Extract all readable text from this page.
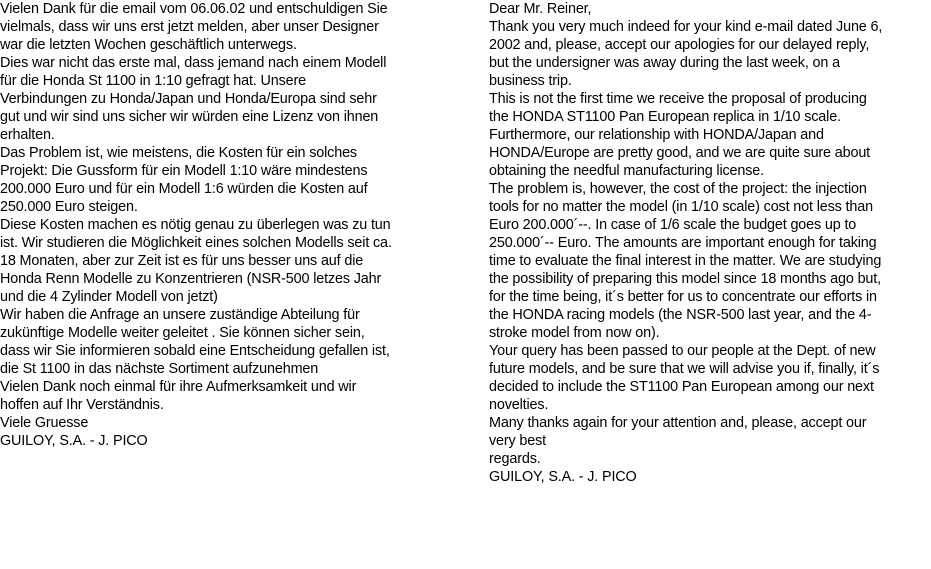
Vielen Dank für die email vom 06.06.02 und entschuldigen Sie
vielmals, dass wir uns erst jetzt melden, aber unser Designer
war die letzten Wochen geschäftlich unterwegs.
Dies war nicht das erste mal, dass jemand nach einem Modell
für die Honda St 1100 in 1:10 gefragt hat. Unsere
Verbindungen zu Honda/Japan und Honda/Europa sind sehr
gut und wir sind uns sicher wir würden eine Lizenz von ihnen
erhalten.
Das Problem ist, wie meistens, die Kosten für ein solches
Projekt: Die Gussform für ein Modell 1:10 wäre mindestens
200.000 Euro und für ein Modell 1:6 würden die Kosten auf
250.000 Euro steigen.
Diese Kosten machen es nötig genau zu überlegen was zu tun
ist. Wir studieren die Möglichkeit eines solchen Modells seit ca.
18 Monaten, aber zur Zeit ist es für uns besser uns auf die
Honda Renn Modelle zu Konzentrieren (NSR-500 letzes Jahr
und die 4 Zylinder Modell von jetzt)
Wir haben die Anfrage an unsere zuständige Abteilung für
zukünftige Modelle weiter geleitet . Sie können sicher sein,
dass wir Sie informieren sobald eine Entscheidung gefallen ist,
die St 1100 in das nächste Sortiment aufzunehmen
Vielen Dank noch einmal für ihre Aufmerksamkeit und wir
hoffen auf Ihr Verständnis.
Viele Gruesse
GUILOY, S.A. - J. PICO
Dear Mr. Reiner,
Thank you very much indeed for your kind e-mail dated June 6,
2002 and, please, accept our apologies for our delayed reply,
but the undersigner was away during the last week, on a
business trip.
This is not the first time we receive the proposal of producing
the HONDA ST1100 Pan European replica in 1/10 scale.
Furthermore, our relationship with HONDA/Japan and
HONDA/Europe are pretty good, and we are quite sure about
obtaining the needful manufacturing license.
The problem is, however, the cost of the project: the injection
tools for no matter the model (in 1/10 scale) cost not less than
Euro 200.000´--. In case of 1/6 scale the budget goes up to
250.000´-- Euro. The amounts are important enough for taking
time to evaluate the final interest in the matter. We are studying
the possibility of preparing this model since 18 months ago but,
for the time being, it´s better for us to concentrate our efforts in
the HONDA racing models (the NSR-500 last year, and the 4-
stroke model from now on).
Your query has been passed to our people at the Dept. of new
future models, and be sure that we will advise you if, finally, it´s
decided to include the ST1100 Pan European among our next
novelties.
Many thanks again for your attention and, please, accept our
very best
regards.
GUILOY, S.A. - J. PICO
